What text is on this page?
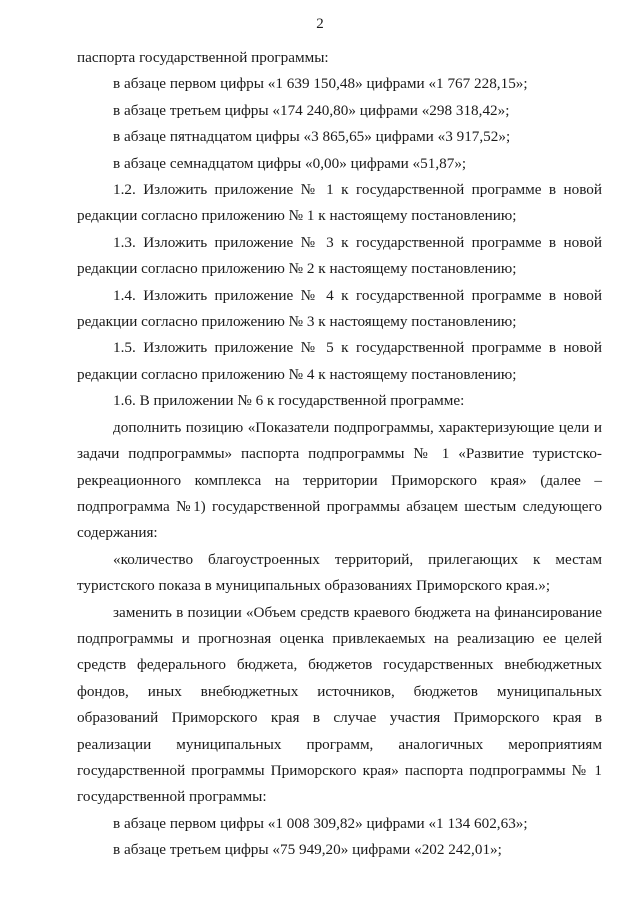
2

паспорта государственной программы:

в абзаце первом цифры «1 639 150,48» цифрами «1 767 228,15»;

в абзаце третьем цифры «174 240,80» цифрами «298 318,42»;

в абзаце пятнадцатом цифры «3 865,65» цифрами «3 917,52»;

в абзаце семнадцатом цифры «0,00» цифрами «51,87»;

1.2. Изложить приложение № 1 к государственной программе в новой редакции согласно приложению № 1 к настоящему постановлению;

1.3. Изложить приложение № 3 к государственной программе в новой редакции согласно приложению № 2 к настоящему постановлению;

1.4. Изложить приложение № 4 к государственной программе в новой редакции согласно приложению № 3 к настоящему постановлению;

1.5. Изложить приложение № 5 к государственной программе в новой редакции согласно приложению № 4 к настоящему постановлению;

1.6. В приложении № 6 к государственной программе:

дополнить позицию «Показатели подпрограммы, характеризующие цели и задачи подпрограммы» паспорта подпрограммы № 1 «Развитие туристско-рекреационного комплекса на территории Приморского края» (далее – подпрограмма №1) государственной программы абзацем шестым следующего содержания:

«количество благоустроенных территорий, прилегающих к местам туристского показа в муниципальных образованиях Приморского края.»;

заменить в позиции «Объем средств краевого бюджета на финансирование подпрограммы и прогнозная оценка привлекаемых на реализацию ее целей средств федерального бюджета, бюджетов государственных внебюджетных фондов, иных внебюджетных источников, бюджетов муниципальных образований Приморского края в случае участия Приморского края в реализации муниципальных программ, аналогичных мероприятиям государственной программы Приморского края» паспорта подпрограммы № 1 государственной программы:

в абзаце первом цифры «1 008 309,82» цифрами «1 134 602,63»;

в абзаце третьем цифры «75 949,20» цифрами «202 242,01»;
